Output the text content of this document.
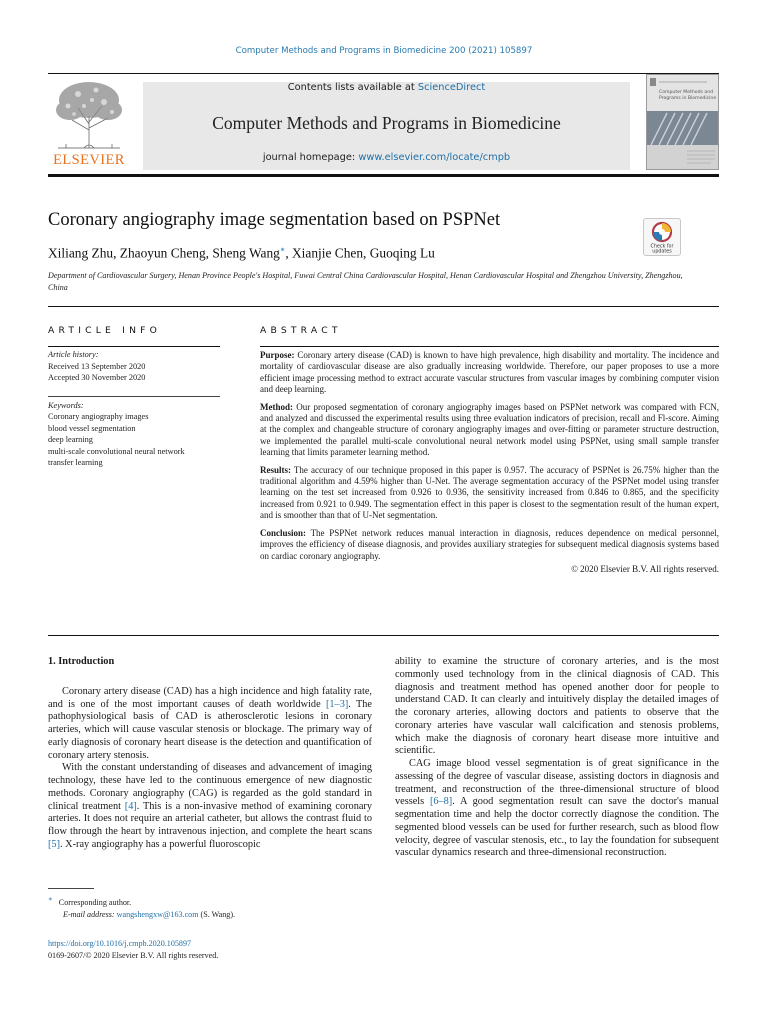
Computer Methods and Programs in Biomedicine 200 (2021) 105897
ELSEVIER
Contents lists available at ScienceDirect
Computer Methods and Programs in Biomedicine
journal homepage: www.elsevier.com/locate/cmpb
Computer Methods and
Programs in Biomedicine
Coronary angiography image segmentation based on PSPNet
Xiliang Zhu, Zhaoyun Cheng, Sheng Wang∗, Xianjie Chen, Guoqing Lu	Check for
updates
Department of Cardiovascular Surgery, Henan Province People's Hospital, Fuwai Central China Cardiovascular Hospital, Henan Cardiovascular Hospital and Zhengzhou University, Zhengzhou, China
ARTICLE INFO	ABSTRACT
Article history:
Received 13 September 2020
Accepted 30 November 2020
Keywords:
Coronary angiography images
blood vessel segmentation
deep learning
multi-scale convolutional neural network
transfer learning

Purpose: Coronary artery disease (CAD) is known to have high prevalence, high disability and mortality. The incidence and mortality of cardiovascular disease are also gradually increasing worldwide. Therefore, our paper proposes to use a more efficient image processing method to extract accurate vascular structures from vascular images by combining computer vision and deep learning.

Method: Our proposed segmentation of coronary angiography images based on PSPNet network was compared with FCN, and analyzed and discussed the experimental results using three evaluation indicators of precision, recall and Fl-score. Aiming at the complex and changeable structure of coronary angiography images and over-fitting or parameter structure destruction, we implemented the parallel multi-scale convolutional neural network model using PSPNet, using small sample transfer learning that limits parameter learning method.

Results: The accuracy of our technique proposed in this paper is 0.957. The accuracy of PSPNet is 26.75% higher than the traditional algorithm and 4.59% higher than U-Net. The average segmentation accuracy of the PSPNet model using transfer learning on the test set increased from 0.926 to 0.936, the sensitivity increased from 0.846 to 0.865, and the specificity increased from 0.921 to 0.949. The segmentation effect in this paper is closest to the segmentation result of the human expert, and is smoother than that of U-Net segmentation.

Conclusion: The PSPNet network reduces manual interaction in diagnosis, reduces dependence on medical personnel, improves the efficiency of disease diagnosis, and provides auxiliary strategies for subsequent medical diagnosis systems based on cardiac coronary angiography.

© 2020 Elsevier B.V. All rights reserved.
1. Introduction

Coronary artery disease (CAD) has a high incidence and high fatality rate, and is one of the most important causes of death worldwide [1–3]. The pathophysiological basis of CAD is atherosclerotic lesions in coronary arteries, which will cause vascular stenosis or blockage. The primary way of early diagnosis of coronary heart disease is the detection and quantification of coronary artery stenosis.

With the constant understanding of diseases and advancement of imaging technology, these have led to the continuous emergence of new diagnostic methods. Coronary angiography (CAG) is regarded as the gold standard in clinical treatment [4]. This is a non-invasive method of examining coronary arteries. It does not require an arterial catheter, but allows the contrast fluid to flow through the heart by intravenous injection, and complete the heart scans [5]. X-ray angiography has a powerful fluoroscopic

ability to examine the structure of coronary arteries, and is the most commonly used technology from in the clinical diagnosis of CAD. This diagnosis and treatment method has opened another door for people to understand CAD. It can clearly and intuitively display the detailed images of the coronary arteries, allowing doctors and patients to observe that the coronary arteries have vascular wall calcification and stenosis problems, which make the diagnosis of coronary heart disease more intuitive and scientific.

CAG image blood vessel segmentation is of great significance in the assessing of the degree of vascular disease, assisting doctors in diagnosis and treatment, and reconstruction of the three-dimensional structure of blood vessels [6–8]. A good segmentation result can save the doctor's manual segmentation time and help the doctor correctly diagnose the condition. The segmented blood vessels can be used for further research, such as blood flow velocity, degree of vascular stenosis, etc., to lay the foundation for subsequent vascular dynamics research and three-dimensional reconstruction.

∗ Corresponding author.
E-mail address: wangshengxw@163.com (S. Wang).
https://doi.org/10.1016/j.cmpb.2020.105897
0169-2607/© 2020 Elsevier B.V. All rights reserved.
